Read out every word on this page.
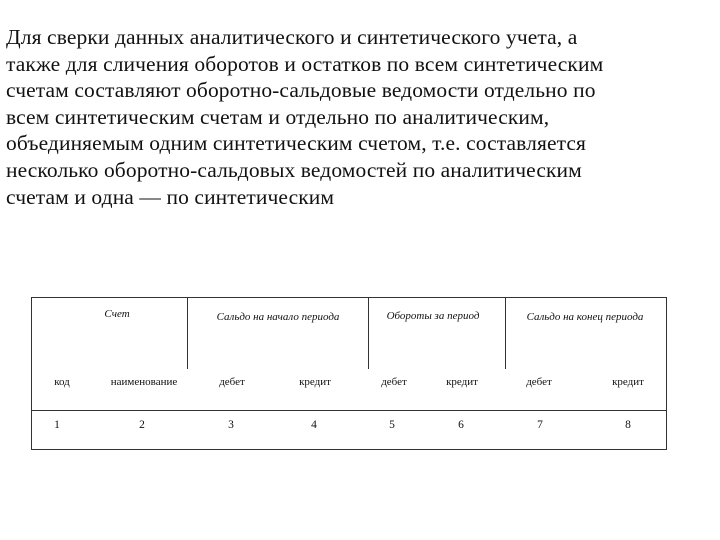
Для сверки данных аналитического и синтетического учета, а
также для сличения оборотов и остатков по всем синтетическим
счетам составляют оборотно-сальдовые ведомости отдельно по
всем синтетическим счетам и отдельно по аналитическим,
объединяемым одним синтетическим счетом, т.е. составляется
несколько оборотно-сальдовых ведомостей по аналитическим
счетам и одна — по синтетическим
Счет	Сальдо на начало периода	Обороты за период	Сальдо на конец периода
код	наименование	дебет	кредит	дебет	кредит	дебет	кредит
1	2	3	4	5	6	7	8
